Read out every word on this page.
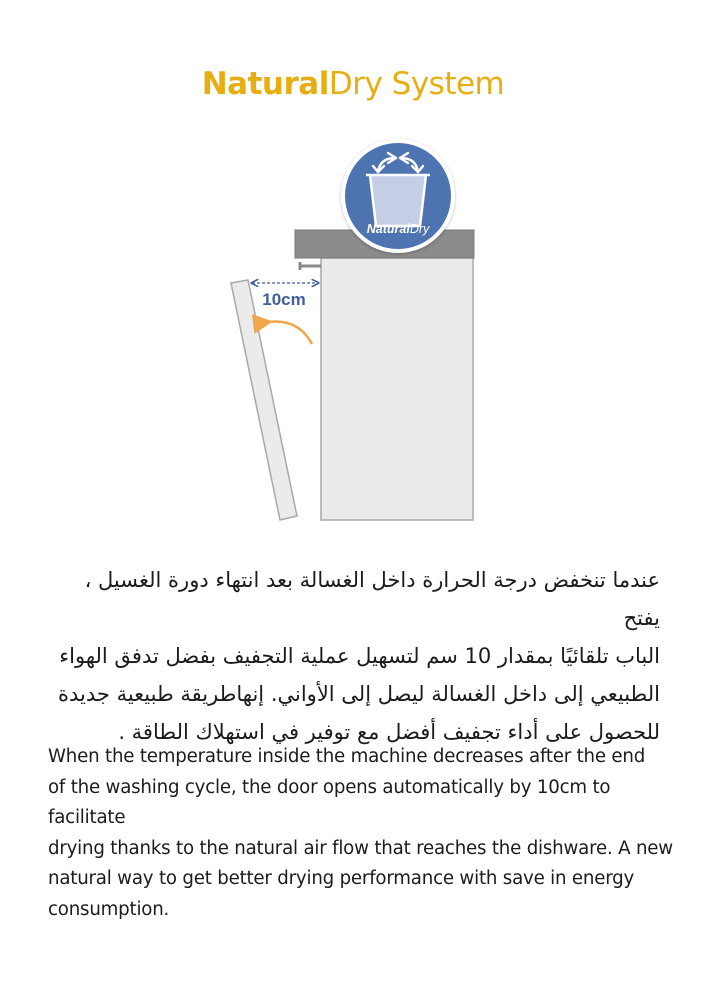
NaturalDry System
10cm
NaturalDry
عندما تنخفض درجة الحرارة داخل الغسالة بعد انتهاء دورة الغسيل ، يفتح
الباب تلقائيًا بمقدار 10 سم لتسهيل عملية التجفيف بفضل تدفق الهواء
الطبيعي إلى داخل الغسالة ليصل إلى الأواني. إنهاطريقة طبيعية جديدة
للحصول على أداء تجفيف أفضل مع توفير في استهلاك الطاقة .
When the temperature inside the machine decreases after the end
of the washing cycle, the door opens automatically by 10cm to facilitate
drying thanks to the natural air flow that reaches the dishware. A new
natural way to get better drying performance with save in energy
consumption.
